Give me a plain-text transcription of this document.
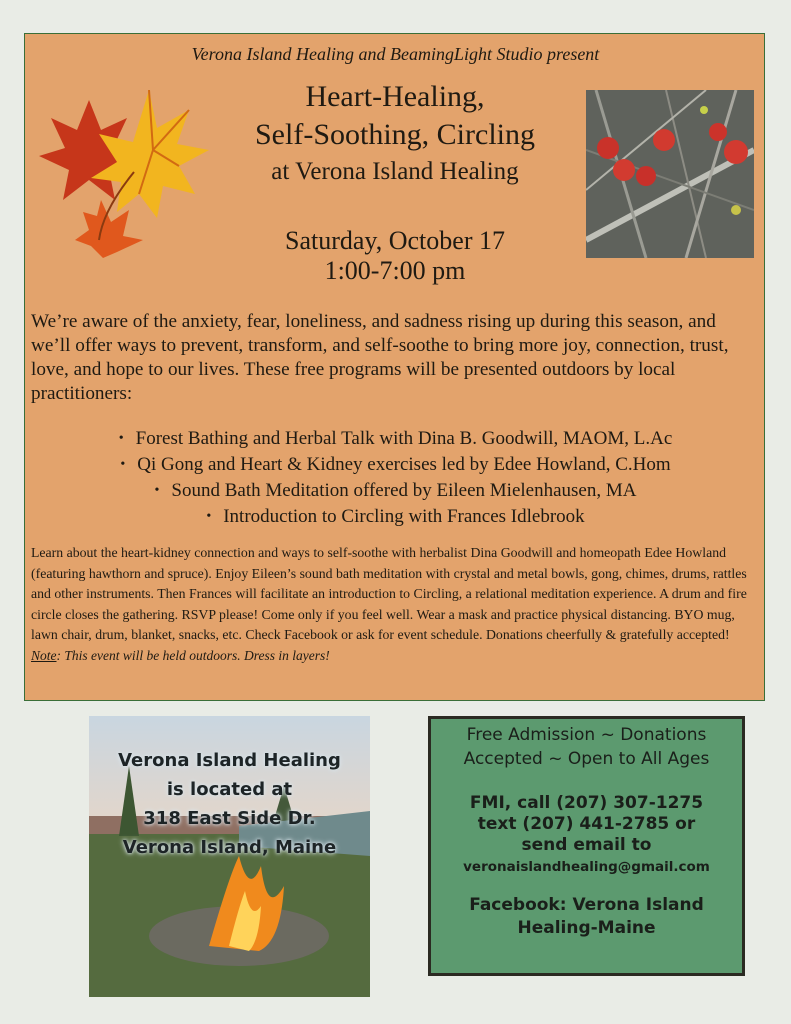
Verona Island Healing and BeamingLight Studio present
Heart-Healing,
Self-Soothing, Circling
at Verona Island Healing
Saturday, October 17
1:00-7:00 pm
We’re aware of the anxiety, fear, loneliness, and sadness rising up during this season, and we’ll offer ways to prevent, transform, and self-soothe to bring more joy, connection, trust, love, and hope to our lives. These free programs will be presented outdoors by local practitioners:
• Forest Bathing and Herbal Talk with Dina B. Goodwill, MAOM, L.Ac
• Qi Gong and Heart & Kidney exercises led by Edee Howland, C.Hom
• Sound Bath Meditation offered by Eileen Mielenhausen, MA
• Introduction to Circling with Frances Idlebrook
Learn about the heart-kidney connection and ways to self-soothe with herbalist Dina Goodwill and homeopath Edee Howland (featuring hawthorn and spruce). Enjoy Eileen’s sound bath meditation with crystal and metal bowls, gong, chimes, drums, rattles and other instruments. Then Frances will facilitate an introduction to Circling, a relational meditation experience. A drum and fire circle closes the gathering. RSVP please! Come only if you feel well. Wear a mask and practice physical distancing. BYO mug, lawn chair, drum, blanket, snacks, etc. Check Facebook or ask for event schedule. Donations cheerfully & gratefully accepted! Note: This event will be held outdoors. Dress in layers!
Verona Island Healing
is located at
318 East Side Dr.
Verona Island, Maine
Free Admission ~ Donations
Accepted ~ Open to All Ages
FMI, call (207) 307-1275
text (207) 441-2785 or
send email to
veronaislandhealing@gmail.com
Facebook: Verona Island
Healing-Maine
